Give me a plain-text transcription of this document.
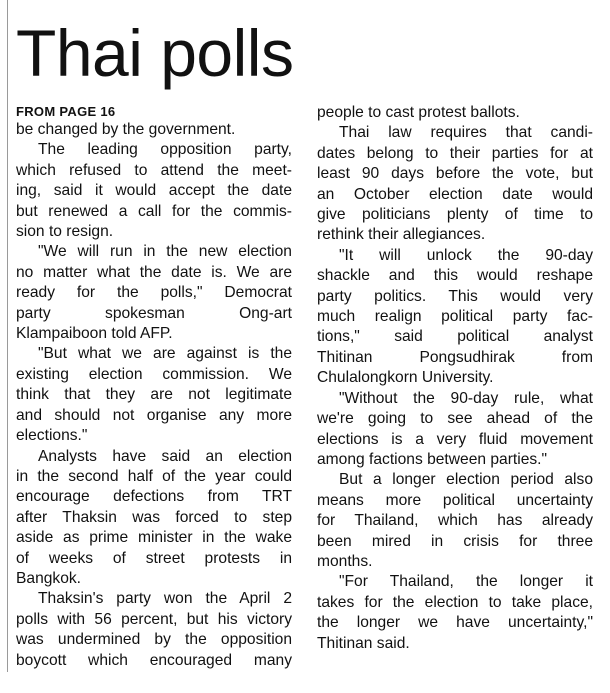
Thai polls
FROM PAGE 16
be changed by the government.
The leading opposition party,
which refused to attend the meet-
ing, said it would accept the date
but renewed a call for the commis-
sion to resign.
"We will run in the new election
no matter what the date is. We are
ready for the polls," Democrat
party spokesman Ong-art
Klampaiboon told AFP.
"But what we are against is the
existing election commission. We
think that they are not legitimate
and should not organise any more
elections."
Analysts have said an election
in the second half of the year could
encourage defections from TRT
after Thaksin was forced to step
aside as prime minister in the wake
of weeks of street protests in
Bangkok.
Thaksin's party won the April 2
polls with 56 percent, but his victory
was undermined by the opposition
boycott which encouraged many
people to cast protest ballots.
Thai law requires that candi-
dates belong to their parties for at
least 90 days before the vote, but
an October election date would
give politicians plenty of time to
rethink their allegiances.
"It will unlock the 90-day
shackle and this would reshape
party politics. This would very
much realign political party fac-
tions," said political analyst
Thitinan Pongsudhirak from
Chulalongkorn University.
"Without the 90-day rule, what
we're going to see ahead of the
elections is a very fluid movement
among factions between parties."
But a longer election period also
means more political uncertainty
for Thailand, which has already
been mired in crisis for three
months.
"For Thailand, the longer it
takes for the election to take place,
the longer we have uncertainty,"
Thitinan said.
